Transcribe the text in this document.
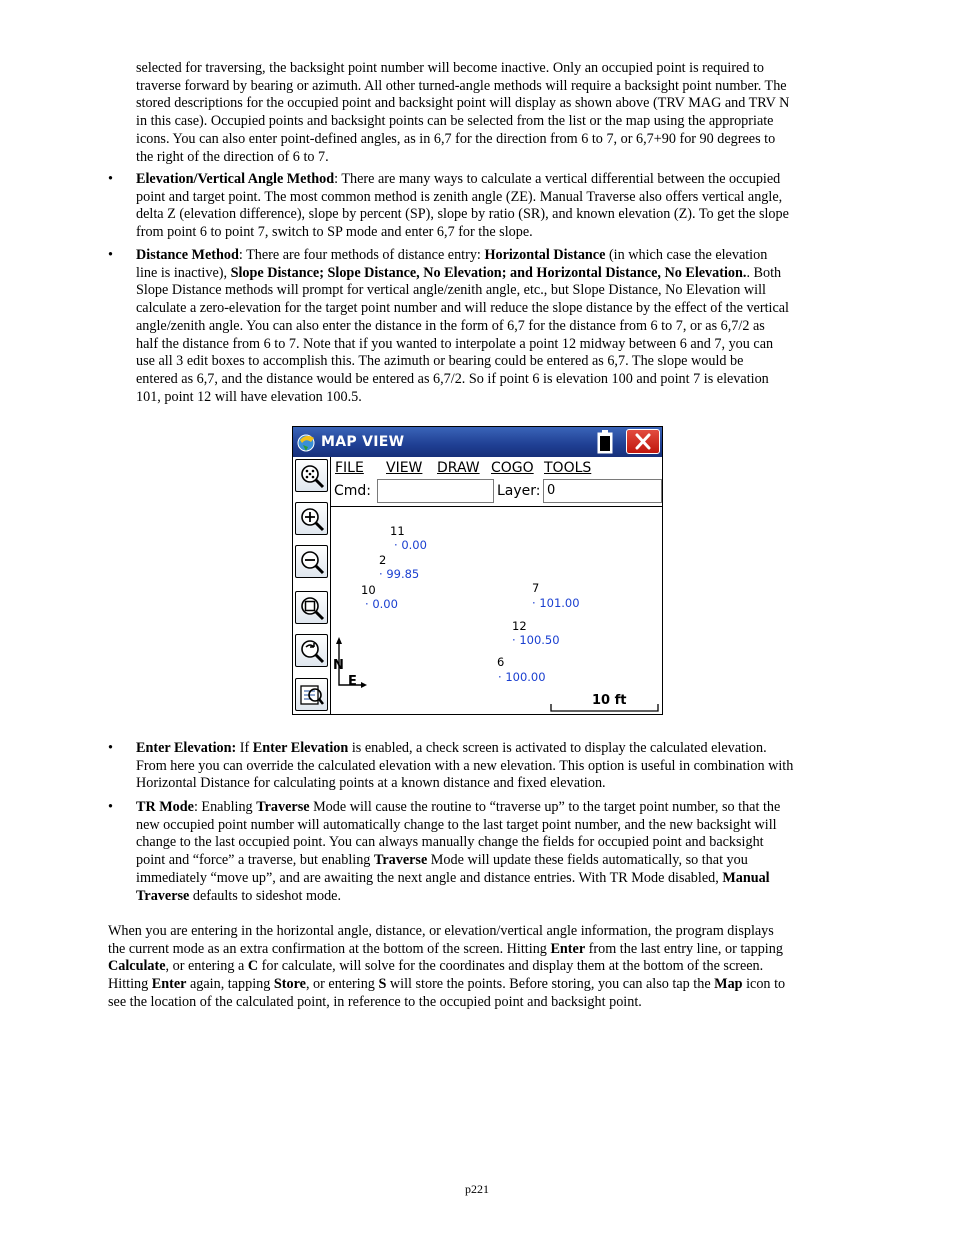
selected for traversing, the backsight point number will become inactive. Only an occupied point is required to
traverse forward by bearing or azimuth. All other turned-angle methods will require a backsight point number. The
stored descriptions for the occupied point and backsight point will display as shown above (TRV MAG and TRV N
in this case). Occupied points and backsight points can be selected from the list or the map using the appropriate
icons. You can also enter point-defined angles, as in 6,7 for the direction from 6 to 7, or 6,7+90 for 90 degrees to
the right of the direction of 6 to 7.
• Elevation/Vertical Angle Method: There are many ways to calculate a vertical differential between the occupied
point and target point. The most common method is zenith angle (ZE). Manual Traverse also offers vertical angle,
delta Z (elevation difference), slope by percent (SP), slope by ratio (SR), and known elevation (Z). To get the slope
from point 6 to point 7, switch to SP mode and enter 6,7 for the slope.
• Distance Method: There are four methods of distance entry: Horizontal Distance (in which case the elevation
line is inactive), Slope Distance; Slope Distance, No Elevation; and Horizontal Distance, No Elevation.. Both
Slope Distance methods will prompt for vertical angle/zenith angle, etc., but Slope Distance, No Elevation will
calculate a zero-elevation for the target point number and will reduce the slope distance by the effect of the vertical
angle/zenith angle. You can also enter the distance in the form of 6,7 for the distance from 6 to 7, or as 6,7/2 as
half the distance from 6 to 7. Note that if you wanted to interpolate a point 12 midway between 6 and 7, you can
use all 3 edit boxes to accomplish this. The azimuth or bearing could be entered as 6,7. The slope would be
entered as 6,7, and the distance would be entered as 6,7/2. So if point 6 is elevation 100 and point 7 is elevation
101, point 12 will have elevation 100.5.
MAP VIEW
FILE VIEW DRAW COGO TOOLS
Cmd:	Layer: 0
11
· 0.00
2
· 99.85
10
· 0.00
7
· 101.00
12
· 100.50
6
· 100.00
N
E
10 ft
• Enter Elevation: If Enter Elevation is enabled, a check screen is activated to display the calculated elevation.
From here you can override the calculated elevation with a new elevation. This option is useful in combination with
Horizontal Distance for calculating points at a known distance and fixed elevation.
• TR Mode: Enabling Traverse Mode will cause the routine to “traverse up” to the target point number, so that the
new occupied point number will automatically change to the last target point number, and the new backsight will
change to the last occupied point. You can always manually change the fields for occupied point and backsight
point and “force” a traverse, but enabling Traverse Mode will update these fields automatically, so that you
immediately “move up”, and are awaiting the next angle and distance entries. With TR Mode disabled, Manual
Traverse defaults to sideshot mode.
When you are entering in the horizontal angle, distance, or elevation/vertical angle information, the program displays
the current mode as an extra confirmation at the bottom of the screen. Hitting Enter from the last entry line, or tapping
Calculate, or entering a C for calculate, will solve for the coordinates and display them at the bottom of the screen.
Hitting Enter again, tapping Store, or entering S will store the points. Before storing, you can also tap the Map icon to
see the location of the calculated point, in reference to the occupied point and backsight point.
p221
